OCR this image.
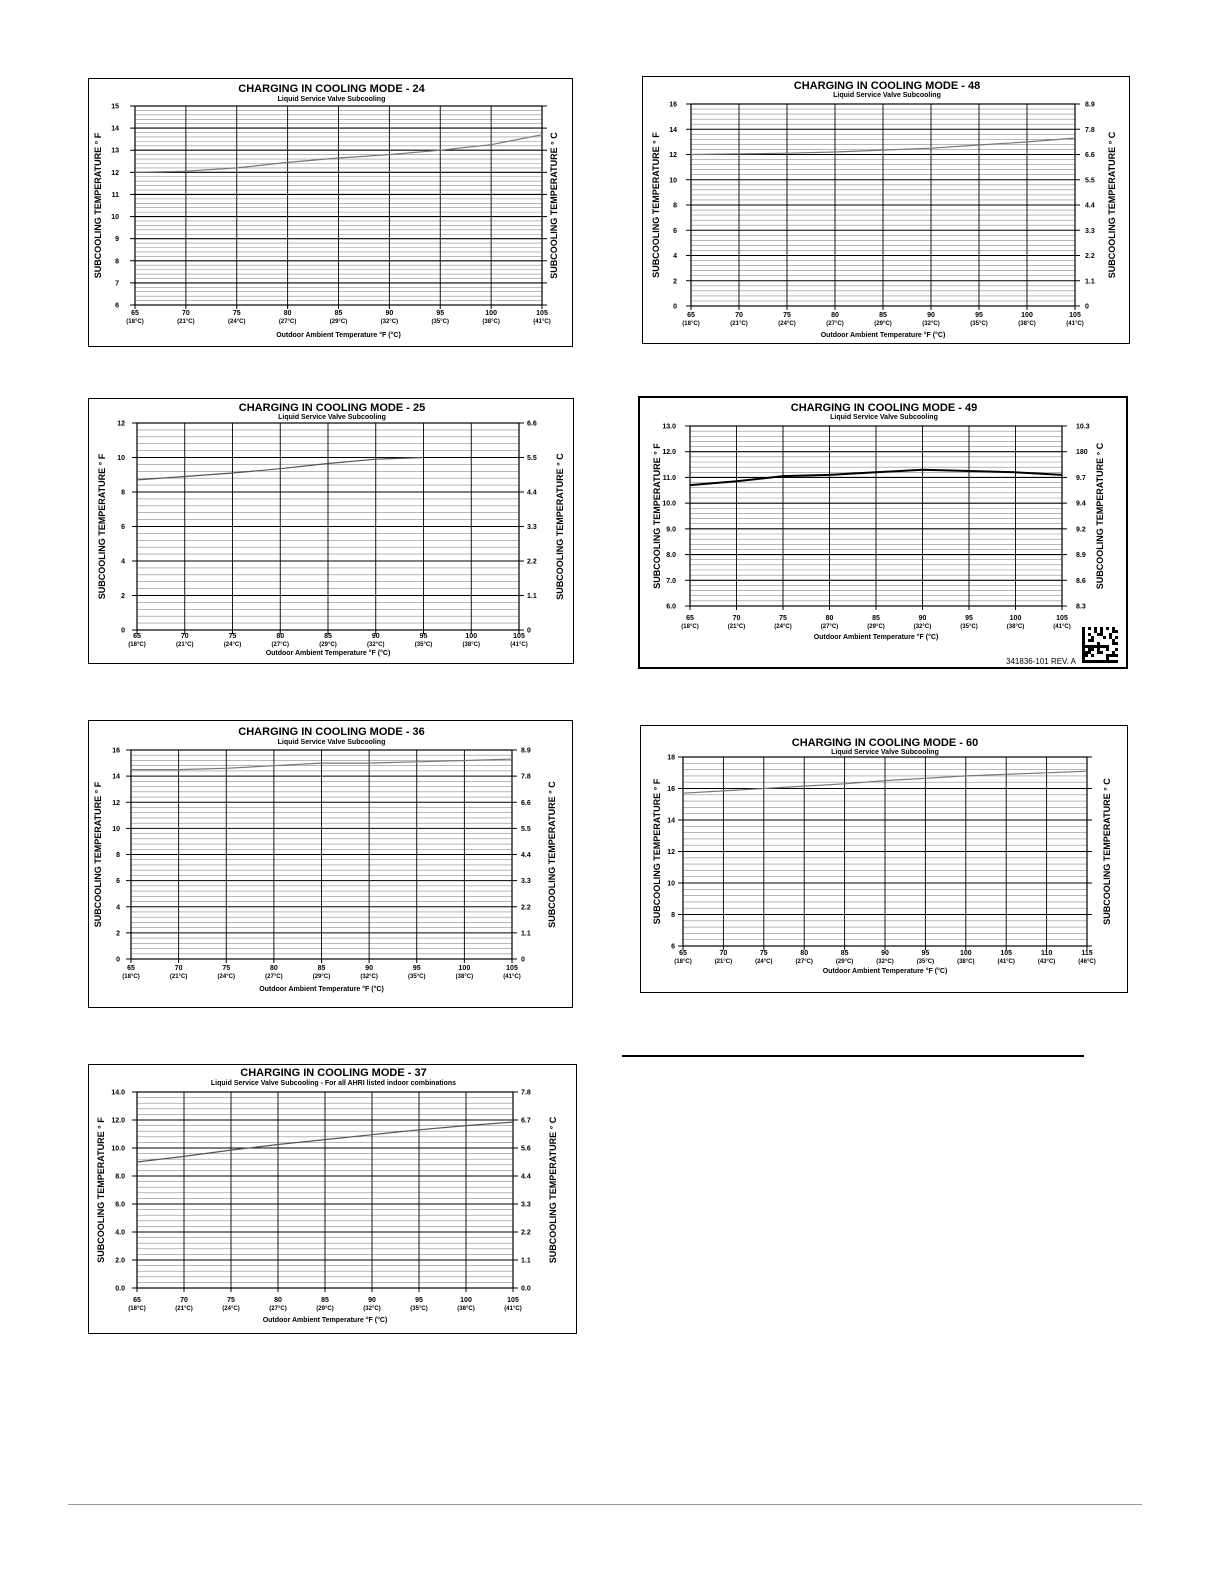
CHARGING IN COOLING MODE - 24
Liquid Service Valve Subcooling
6
7
8
9
10
11
12
13
14
15
65
(18°C)
70
(21°C)
75
(24°C)
80
(27°C)
85
(29°C)
90
(32°C)
95
(35°C)
100
(38°C)
105
(41°C)
Outdoor Ambient Temperature °F (°C)
SUBCOOLING TEMPERATURE ° F	SUBCOOLING TEMPERATURE ° C
CHARGING IN COOLING MODE - 25
Liquid Service Valve Subcooling
0
2
4
6
8
10
12
0
1.1
2.2
3.3
4.4
5.5
6.6
65
(18°C)
70
(21°C)
75
(24°C)
80
(27°C)
85
(29°C)
90
(32°C)
95
(35°C)
100
(38°C)
105
(41°C)
Outdoor Ambient Temperature °F (°C)
SUBCOOLING TEMPERATURE ° F	SUBCOOLING TEMPERATURE ° C
CHARGING IN COOLING MODE - 36
Liquid Service Valve Subcooling
0
2
4
6
8
10
12
14
16
0
1.1
2.2
3.3
4.4
5.5
6.6
7.8
8.9
65
(18°C)
70
(21°C)
75
(24°C)
80
(27°C)
85
(29°C)
90
(32°C)
95
(35°C)
100
(38°C)
105
(41°C)
Outdoor Ambient Temperature °F (°C)
SUBCOOLING TEMPERATURE ° F	SUBCOOLING TEMPERATURE ° C
CHARGING IN COOLING MODE - 37
Liquid Service Valve Subcooling - For all AHRI listed indoor combinations
0.0
2.0
4.0
6.0
8.0
10.0
12.0
14.0
0.0
1.1
2.2
3.3
4.4
5.6
6.7
7.8
65
(18°C)
70
(21°C)
75
(24°C)
80
(27°C)
85
(29°C)
90
(32°C)
95
(35°C)
100
(38°C)
105
(41°C)
Outdoor Ambient Temperature °F (°C)
SUBCOOLING TEMPERATURE ° F	SUBCOOLING TEMPERATURE ° C
CHARGING IN COOLING MODE - 48
Liquid Service Valve Subcooling
0
2
4
6
8
10
12
14
16
0
1.1
2.2
3.3
4.4
5.5
6.6
7.8
8.9
65
(18°C)
70
(21°C)
75
(24°C)
80
(27°C)
85
(29°C)
90
(32°C)
95
(35°C)
100
(38°C)
105
(41°C)
Outdoor Ambient Temperature °F (°C)
SUBCOOLING TEMPERATURE ° F	SUBCOOLING TEMPERATURE ° C
CHARGING IN COOLING MODE - 49
Liquid Service Valve Subcooling
6.0
7.0
8.0
9.0
10.0
11.0
12.0
13.0
8.3
8.6
8.9
9.2
9.4
9.7
180
10.3
65
(18°C)
70
(21°C)
75
(24°C)
80
(27°C)
85
(29°C)
90
(32°C)
95
(35°C)
100
(38°C)
105
(41°C)
Outdoor Ambient Temperature °F (°C)
SUBCOOLING TEMPERATURE ° F	SUBCOOLING TEMPERATURE ° C
341836-101 REV. A
CHARGING IN COOLING MODE - 60
Liquid Service Valve Subcooling
6
8
10
12
14
16
18
65
(18°C)
70
(21°C)
75
(24°C)
80
(27°C)
85
(29°C)
90
(32°C)
95
(35°C)
100
(38°C)
105
(41°C)
110
(43°C)
115
(46°C)
Outdoor Ambient Temperature °F (°C)
SUBCOOLING TEMPERATURE ° F	SUBCOOLING TEMPERATURE ° C
